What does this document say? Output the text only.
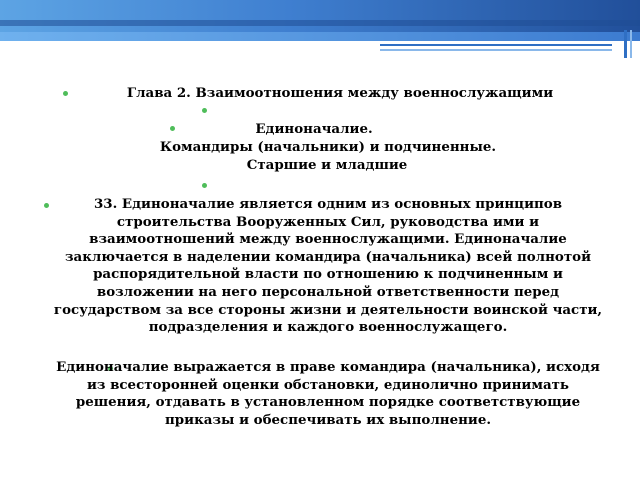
Глава 2. Взаимоотношения между военнослужащими
Единоначалие.
Командиры (начальники) и подчиненные.
Старшие и младшие
33. Единоначалие является одним из основных принципов строительства Вооруженных Сил, руководства ими и взаимоотношений между военнослужащими. Единоначалие заключается в наделении командира (начальника) всей полнотой распорядительной власти по отношению к подчиненным и возложении на него персональной ответственности перед государством за все стороны жизни и деятельности воинской части, подразделения и каждого военнослужащего.
Единоначалие выражается в праве командира (начальника), исходя из всесторонней оценки обстановки, единолично принимать решения, отдавать в установленном порядке соответствующие приказы и обеспечивать их выполнение.
